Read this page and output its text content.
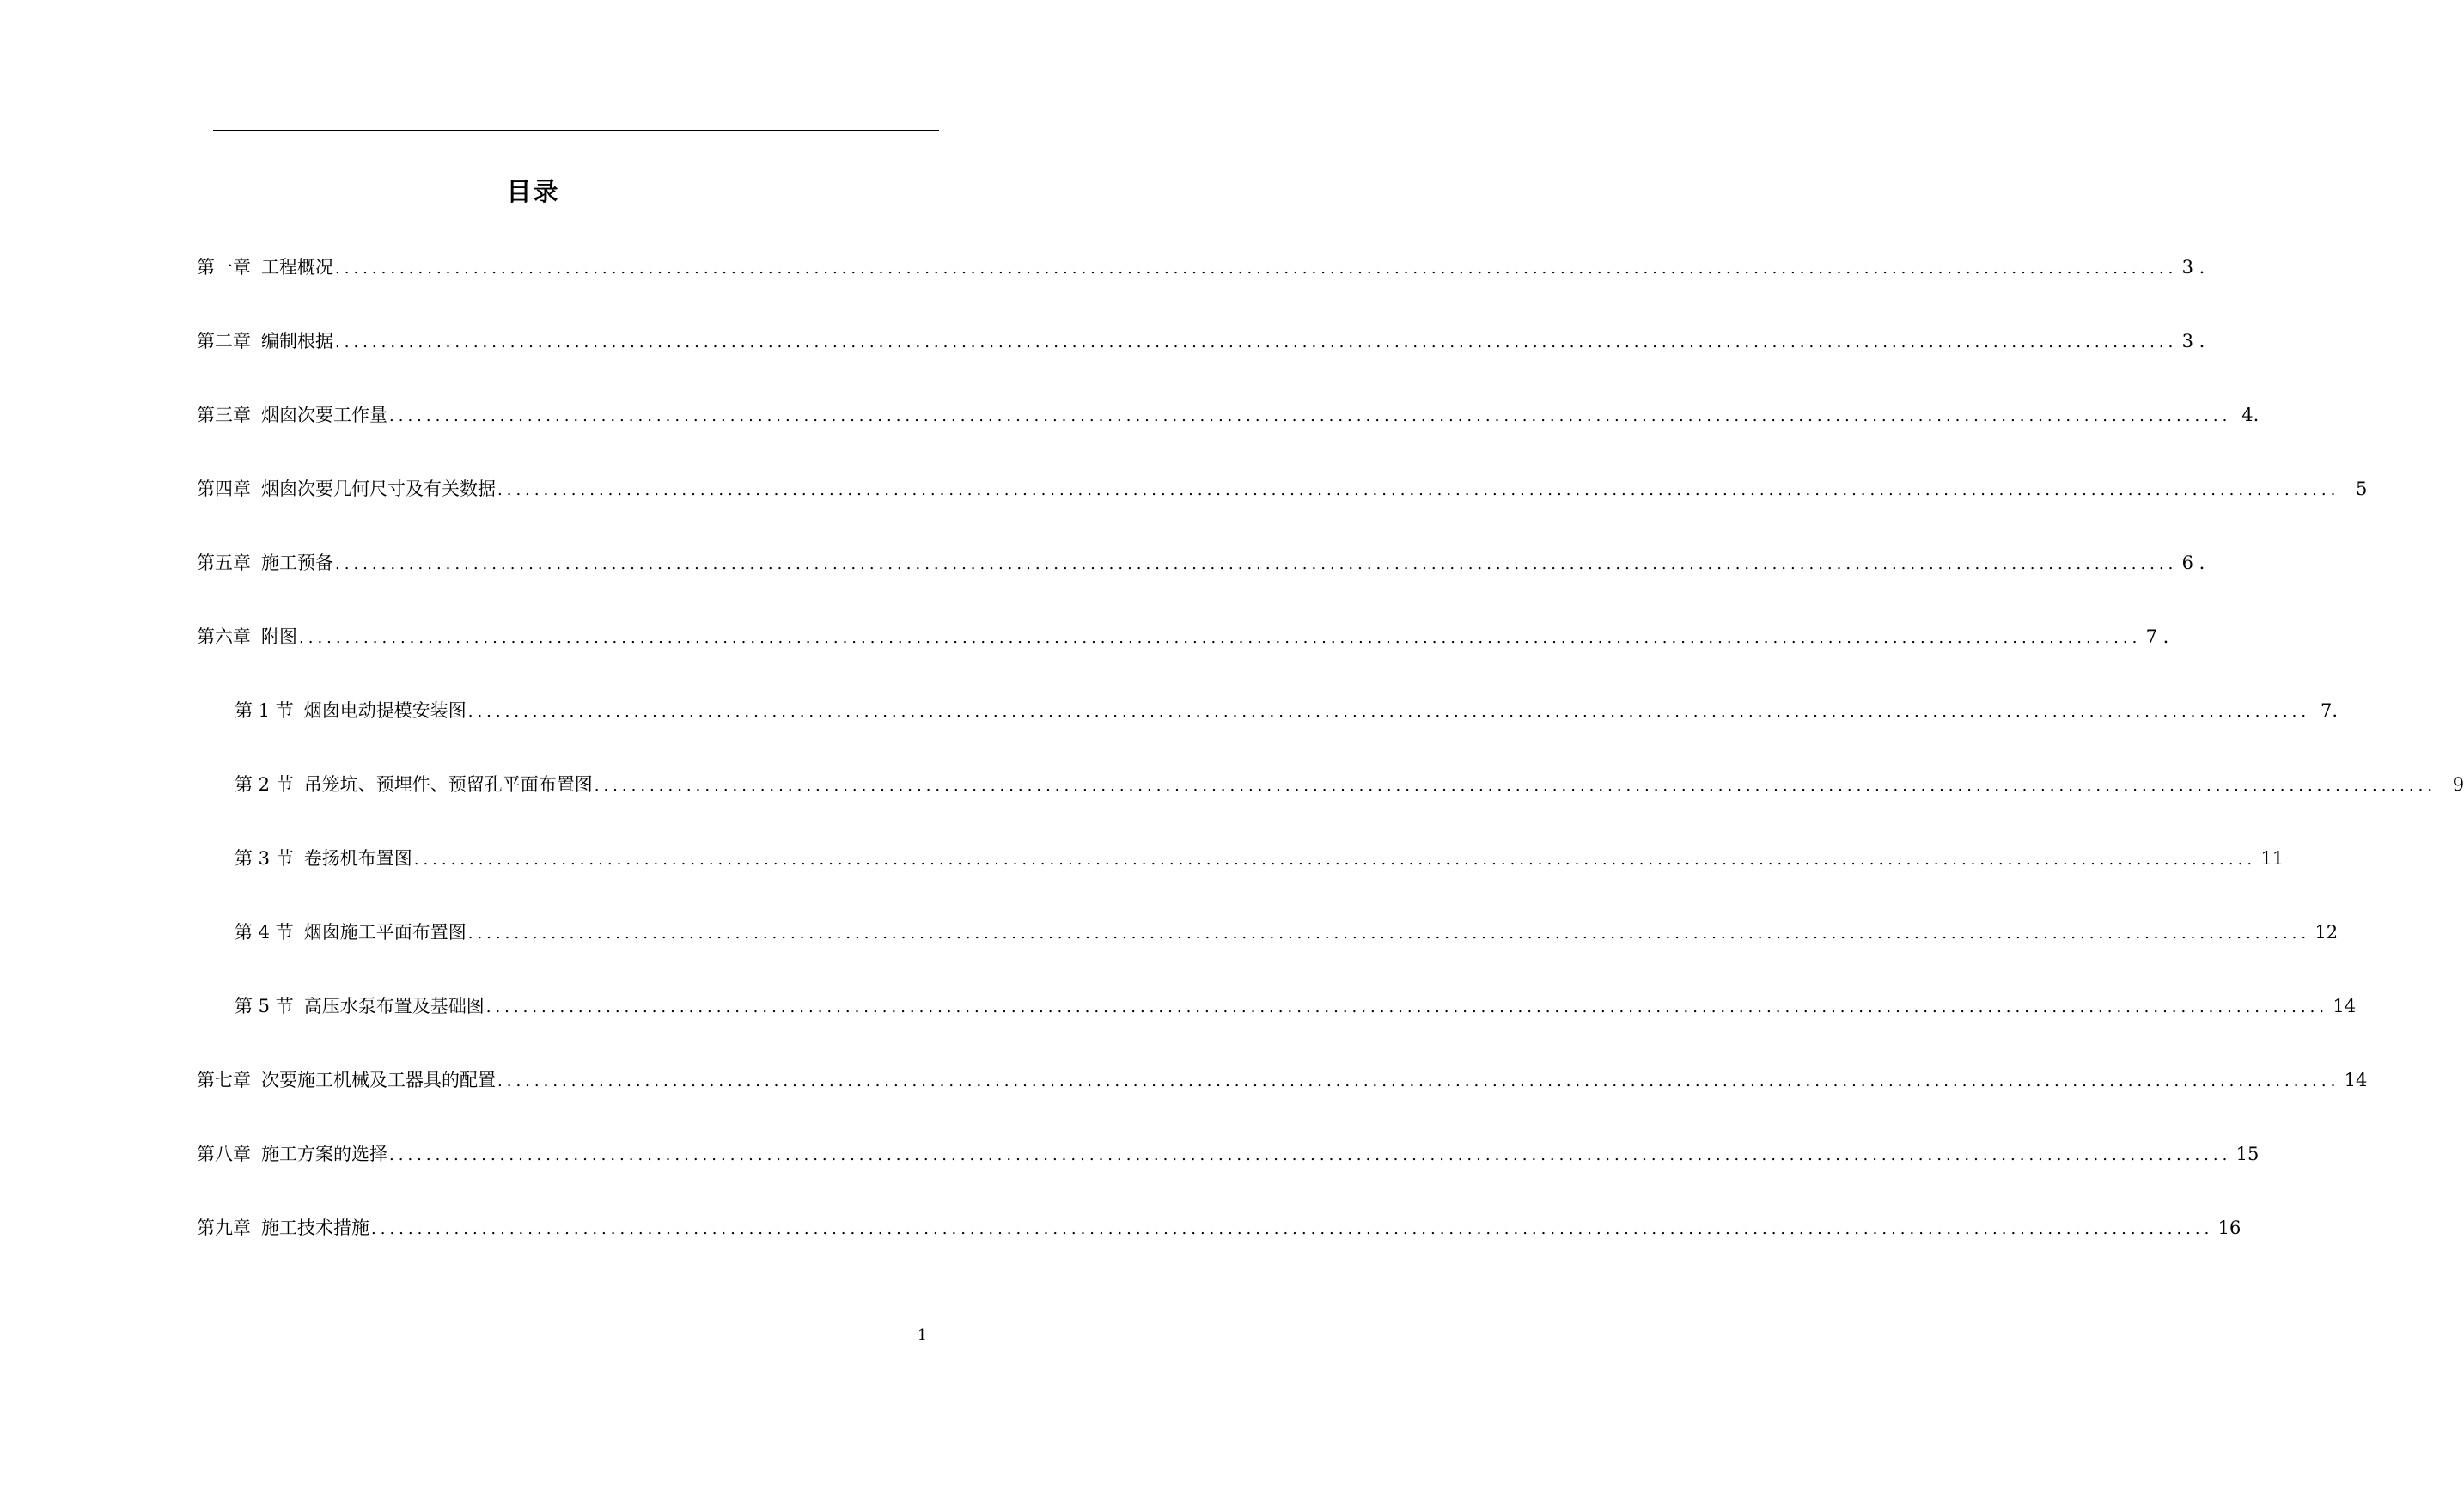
目录
第一章 工程概况 ........................................................................................................................................................................................................ 3 .
第二章 编制根据 ........................................................................................................................................................................................................ 3 .
第三章 烟囱次要工作量 ........................................................................................................................................................................................................ 4.
第四章 烟囱次要几何尺寸及有关数据 ........................................................................................................................................................................................................ 5
第五章 施工预备 ........................................................................................................................................................................................................ 6 .
第六章 附图 ........................................................................................................................................................................................................ 7 .
第 1 节 烟囱电动提模安装图 ........................................................................................................................................................................................................ 7.
第 2 节 吊笼坑、预埋件、预留孔平面布置图 ........................................................................................................................................................................................................ 9
第 3 节 卷扬机布置图 ........................................................................................................................................................................................................ 11
第 4 节 烟囱施工平面布置图 ........................................................................................................................................................................................................ 12
第 5 节 高压水泵布置及基础图 ........................................................................................................................................................................................................ 14
第七章 次要施工机械及工器具的配置 ........................................................................................................................................................................................................ 14
第八章 施工方案的选择 ........................................................................................................................................................................................................ 15
第九章 施工技术措施 ........................................................................................................................................................................................................ 16
1
